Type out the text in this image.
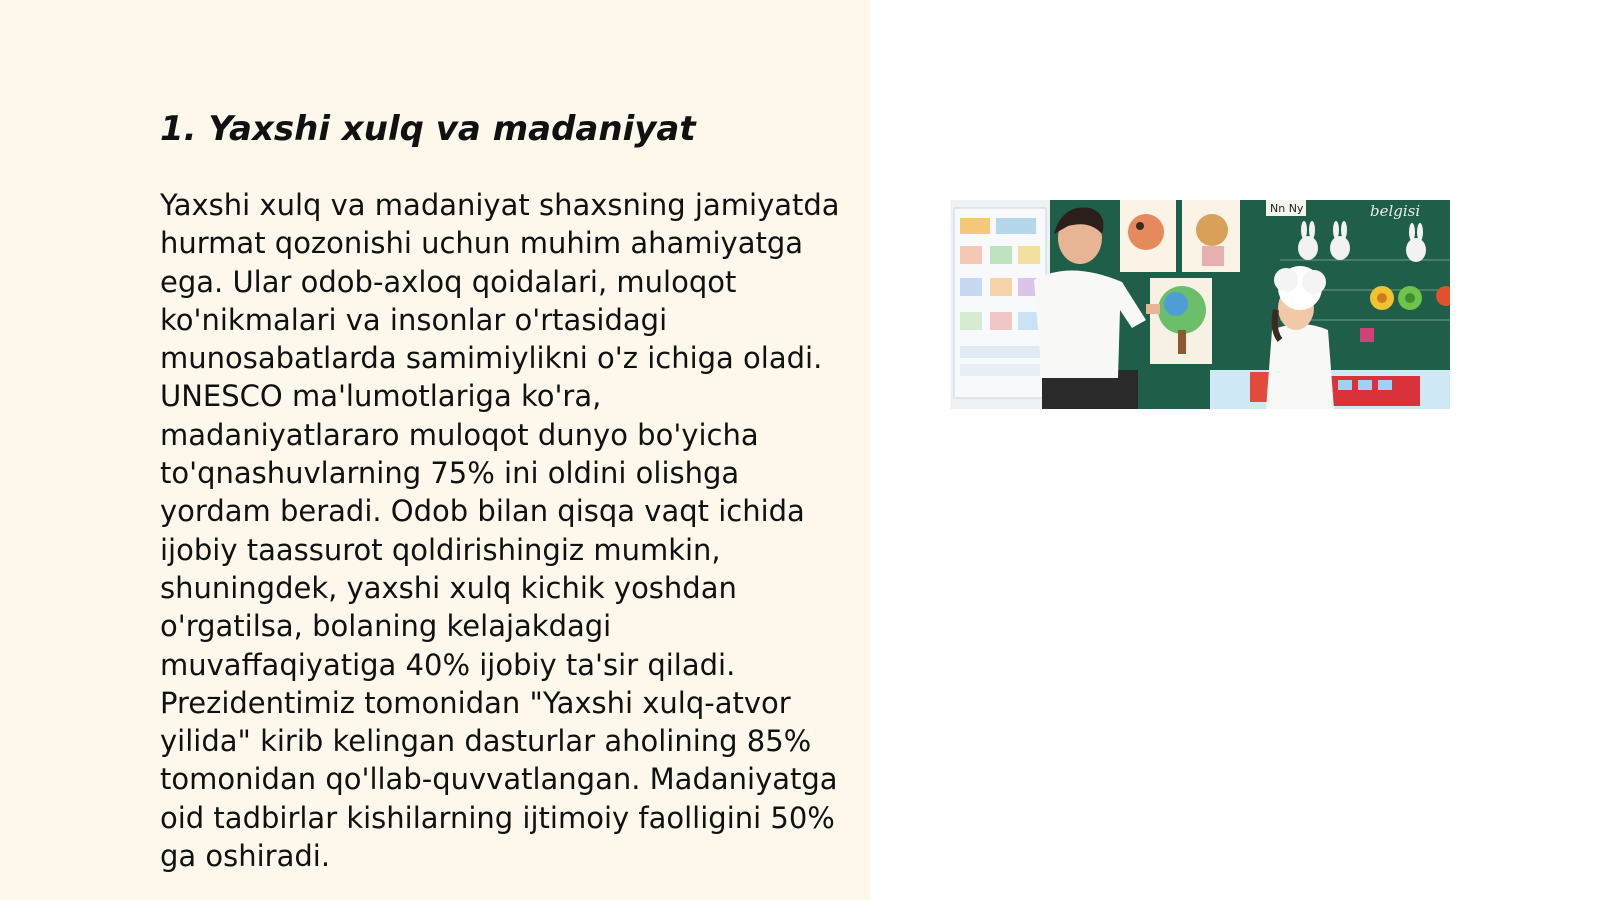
1. Yaxshi xulq va madaniyat

Yaxshi xulq va madaniyat shaxsning jamiyatda hurmat qozonishi uchun muhim ahamiyatga ega. Ular odob-axloq qoidalari, muloqot ko'nikmalari va insonlar o'rtasidagi munosabatlarda samimiylikni o'z ichiga oladi. UNESCO ma'lumotlariga ko'ra, madaniyatlararo muloqot dunyo bo'yicha to'qnashuvlarning 75% ini oldini olishga yordam beradi. Odob bilan qisqa vaqt ichida ijobiy taassurot qoldirishingiz mumkin, shuningdek, yaxshi xulq kichik yoshdan o'rgatilsa, bolaning kelajakdagi muvaffaqiyatiga 40% ijobiy ta'sir qiladi. Prezidentimiz tomonidan "Yaxshi xulq-atvor yilida" kirib kelingan dasturlar aholining 85% tomonidan qo'llab-quvvatlangan. Madaniyatga oid tadbirlar kishilarning ijtimoiy faolligini 50% ga oshiradi.

belgisi
Nn Ny
